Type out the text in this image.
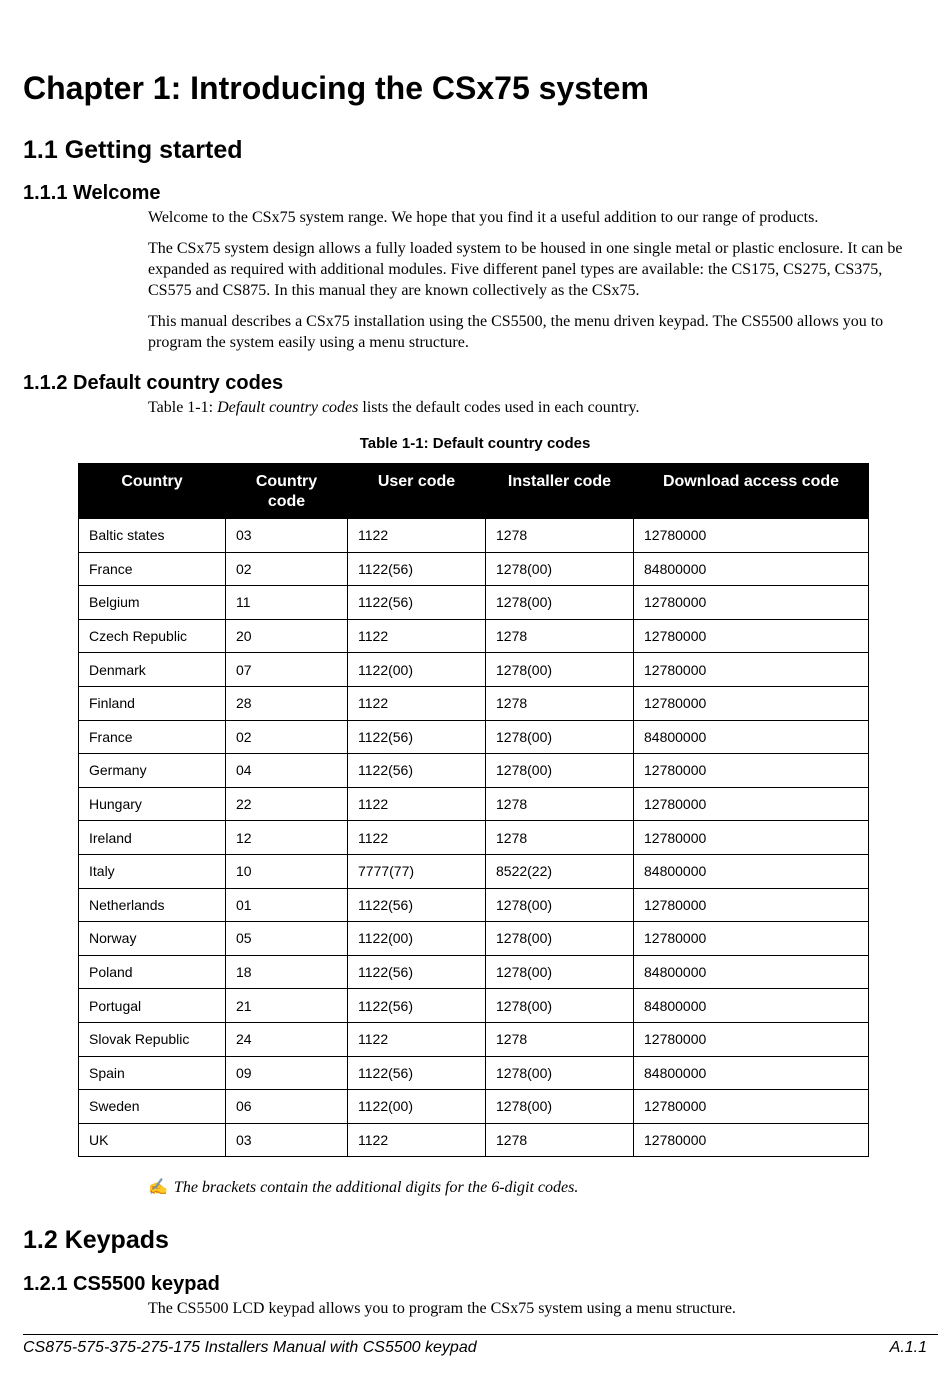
Chapter 1: Introducing the CSx75 system
1.1 Getting started
1.1.1 Welcome

Welcome to the CSx75 system range. We hope that you find it a useful addition to our range of products.

The CSx75 system design allows a fully loaded system to be housed in one single metal or plastic enclosure. It can be expanded as required with additional modules. Five different panel types are available: the CS175, CS275, CS375, CS575 and CS875. In this manual they are known collectively as the CSx75.

This manual describes a CSx75 installation using the CS5500, the menu driven keypad. The CS5500 allows you to program the system easily using a menu structure.

1.1.2 Default country codes

Table 1-1: Default country codes lists the default codes used in each country.

Table 1-1: Default country codes
Country	Country code	User code	Installer code	Download access code
Baltic states	03	1122	1278	12780000
France	02	1122(56)	1278(00)	84800000
Belgium	11	1122(56)	1278(00)	12780000
Czech Republic	20	1122	1278	12780000
Denmark	07	1122(00)	1278(00)	12780000
Finland	28	1122	1278	12780000
France	02	1122(56)	1278(00)	84800000
Germany	04	1122(56)	1278(00)	12780000
Hungary	22	1122	1278	12780000
Ireland	12	1122	1278	12780000
Italy	10	7777(77)	8522(22)	84800000
Netherlands	01	1122(56)	1278(00)	12780000
Norway	05	1122(00)	1278(00)	12780000
Poland	18	1122(56)	1278(00)	84800000
Portugal	21	1122(56)	1278(00)	84800000
Slovak Republic	24	1122	1278	12780000
Spain	09	1122(56)	1278(00)	84800000
Sweden	06	1122(00)	1278(00)	12780000
UK	03	1122	1278	12780000
✍ The brackets contain the additional digits for the 6-digit codes.
1.2 Keypads
1.2.1 CS5500 keypad

The CS5500 LCD keypad allows you to program the CSx75 system using a menu structure.

CS875-575-375-275-175 Installers Manual with CS5500 keypad	A.1.1
